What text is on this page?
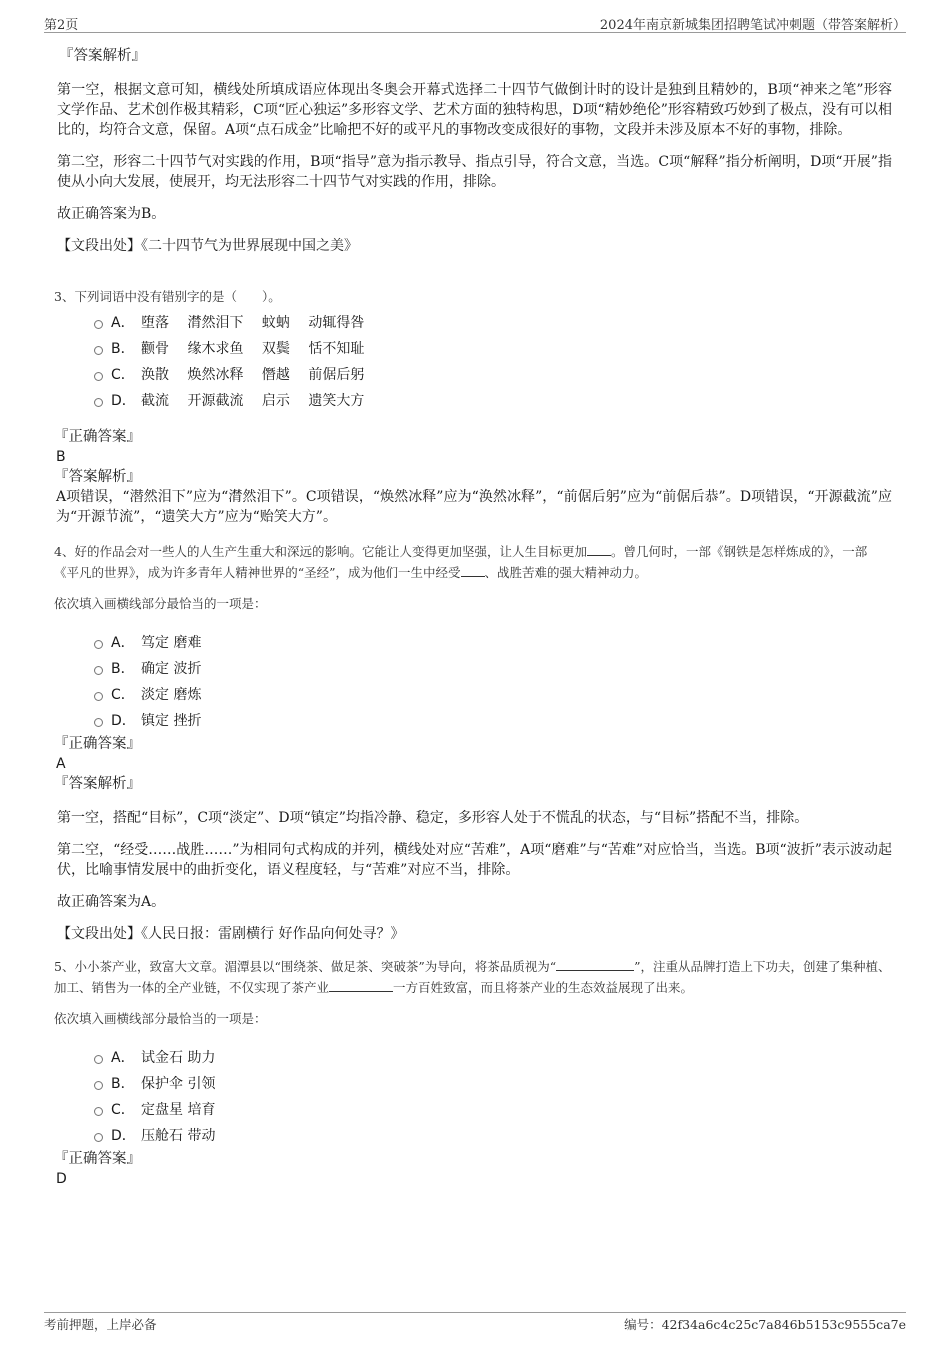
第2页	2024年南京新城集团招聘笔试冲刺题（带答案解析）

『答案解析』

第一空，根据文意可知，横线处所填成语应体现出冬奥会开幕式选择二十四节气做倒计时的设计是独到且精妙的，B项“神来之笔”形容文学作品、艺术创作极其精彩，C项“匠心独运”多形容文学、艺术方面的独特构思，D项“精妙绝伦”形容精致巧妙到了极点，没有可以相比的，均符合文意，保留。A项“点石成金”比喻把不好的或平凡的事物改变成很好的事物，文段并未涉及原本不好的事物，排除。

第二空，形容二十四节气对实践的作用，B项“指导”意为指示教导、指点引导，符合文意，当选。C项“解释”指分析阐明，D项“开展”指使从小向大发展，使展开，均无法形容二十四节气对实践的作用，排除。

故正确答案为B。

【文段出处】《二十四节气为世界展现中国之美》

3、下列词语中没有错别字的是（　　）。

A． 堕落　 潸然泪下　 蚊蚋　 动辄得咎
B． 颧骨　 缘木求鱼　 双鬓　 恬不知耻
C． 涣散　 焕然冰释　 僭越　 前倨后躬
D． 截流　 开源截流　 启示　 遗笑大方

『正确答案』

B

『答案解析』

A项错误，“潜然泪下”应为“潸然泪下”。C项错误，“焕然冰释”应为“涣然冰释”，“前倨后躬”应为“前倨后恭”。D项错误，“开源截流”应为“开源节流”，“遗笑大方”应为“贻笑大方”。

4、好的作品会对一些人的人生产生重大和深远的影响。它能让人变得更加坚强，让人生目标更加 。曾几何时，一部《钢铁是怎样炼成的》，一部《平凡的世界》，成为许多青年人精神世界的“圣经”，成为他们一生中经受 、战胜苦难的强大精神动力。

依次填入画横线部分最恰当的一项是：

A． 笃定 磨难
B． 确定 波折
C． 淡定 磨炼
D． 镇定 挫折

『正确答案』

A

『答案解析』

第一空，搭配“目标”，C项“淡定”、D项“镇定”均指冷静、稳定，多形容人处于不慌乱的状态，与“目标”搭配不当，排除。

第二空，“经受……战胜……”为相同句式构成的并列，横线处对应“苦难”，A项“磨难”与“苦难”对应恰当，当选。B项“波折”表示波动起伏，比喻事情发展中的曲折变化，语义程度轻，与“苦难”对应不当，排除。

故正确答案为A。

【文段出处】《人民日报：雷剧横行 好作品向何处寻？》

5、小小茶产业，致富大文章。湄潭县以“围绕茶、做足茶、突破茶”为导向，将茶品质视为“	”，注重从品牌打造上下功夫，创建了集种植、加工、销售为一体的全产业链，不仅实现了茶产业	一方百姓致富，而且将茶产业的生态效益展现了出来。

依次填入画横线部分最恰当的一项是：

A． 试金石 助力
B． 保护伞 引领
C． 定盘星 培育
D． 压舱石 带动

『正确答案』

D

考前押题，上岸必备	编号：42f34a6c4c25c7a846b5153c9555ca7e
